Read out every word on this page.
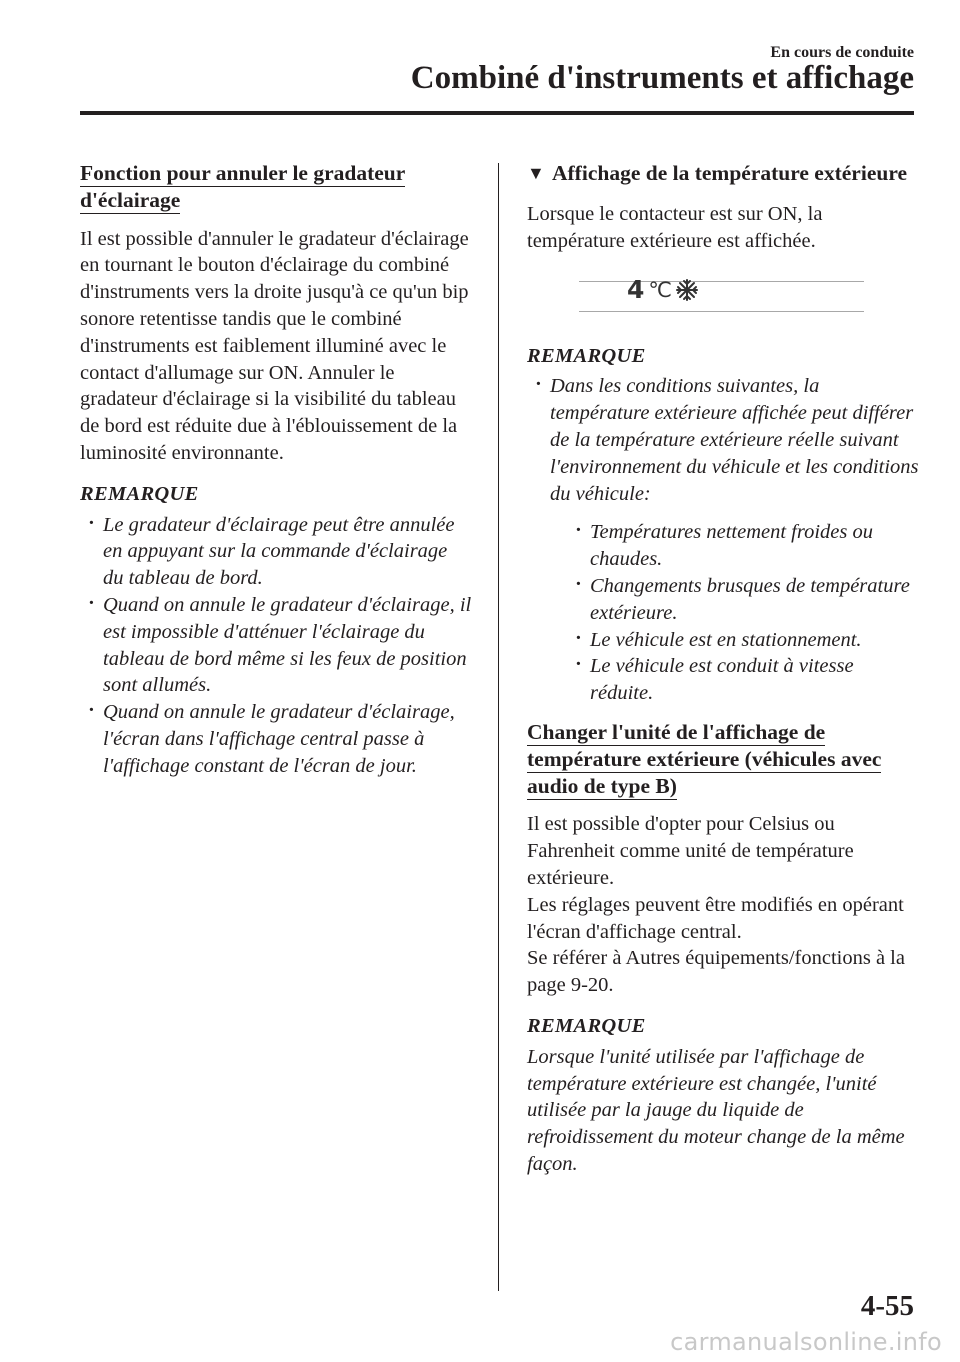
En cours de conduite
Combiné d'instruments et affichage
Fonction pour annuler le gradateur
d'éclairage

Il est possible d'annuler le gradateur d'éclairage en tournant le bouton d'éclairage du combiné d'instruments vers la droite jusqu'à ce qu'un bip sonore retentisse tandis que le combiné d'instruments est faiblement illuminé avec le contact d'allumage sur ON. Annuler le gradateur d'éclairage si la visibilité du tableau de bord est réduite due à l'éblouissement de la luminosité environnante.

REMARQUE
· Le gradateur d'éclairage peut être annulée en appuyant sur la commande d'éclairage du tableau de bord.
· Quand on annule le gradateur d'éclairage, il est impossible d'atténuer l'éclairage du tableau de bord même si les feux de position sont allumés.
· Quand on annule le gradateur d'éclairage, l'écran dans l'affichage central passe à l'affichage constant de l'écran de jour.
▼ Affichage de la température extérieure

Lorsque le contacteur est sur ON, la température extérieure est affichée.

4 ℃
REMARQUE
· Dans les conditions suivantes, la température extérieure affichée peut différer de la température extérieure réelle suivant l'environnement du véhicule et les conditions du véhicule:
· Températures nettement froides ou chaudes.
· Changements brusques de température extérieure.
· Le véhicule est en stationnement.
· Le véhicule est conduit à vitesse réduite.
Changer l'unité de l'affichage de
température extérieure (véhicules avec
audio de type B)

Il est possible d'opter pour Celsius ou Fahrenheit comme unité de température extérieure.
Les réglages peuvent être modifiés en opérant l'écran d'affichage central.
Se référer à Autres équipements/fonctions à la page 9-20.

REMARQUE

Lorsque l'unité utilisée par l'affichage de température extérieure est changée, l'unité utilisée par la jauge du liquide de refroidissement du moteur change de la même façon.

4-55
carmanualsonline.info
